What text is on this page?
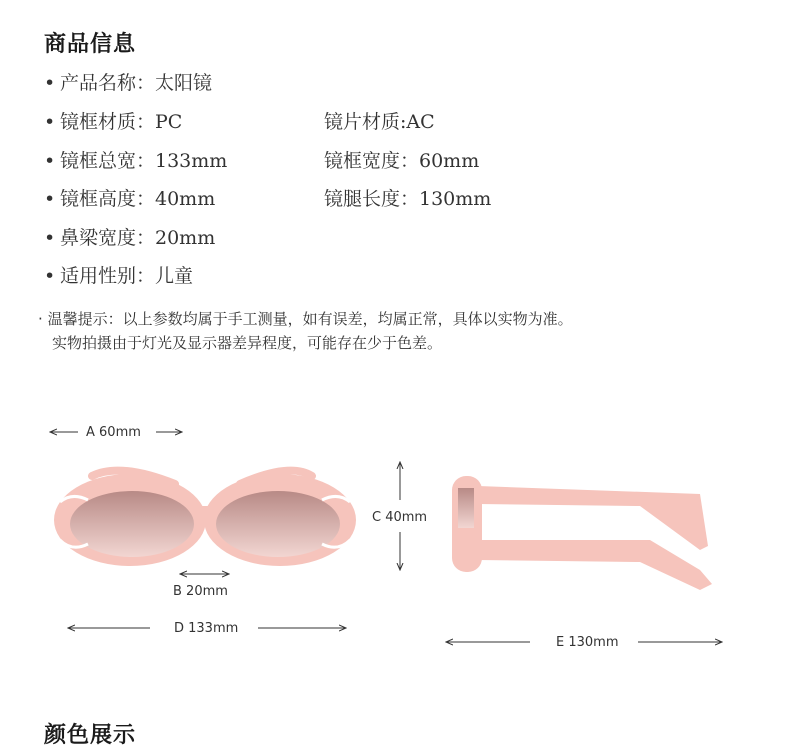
商品信息
• 产品名称：太阳镜
• 镜框材质：PC	镜片材质:AC
• 镜框总宽：133mm	镜框宽度：60mm
• 镜框高度：40mm	镜腿长度：130mm
• 鼻梁宽度：20mm
• 适用性别：儿童
· 温馨提示：以上参数均属于手工测量，如有误差，均属正常，具体以实物为准。
实物拍摄由于灯光及显示器差异程度，可能存在少于色差。
A 60mm
B 20mm
D 133mm
C 40mm
E 130mm
颜色展示
